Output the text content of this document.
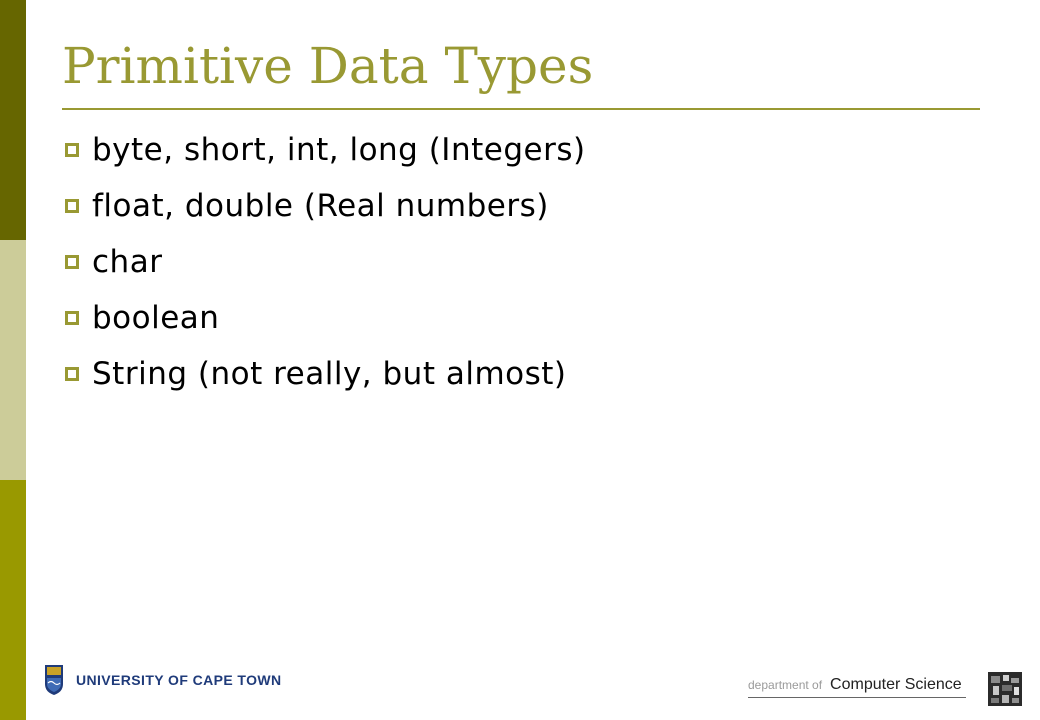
Primitive Data Types
byte, short, int, long (Integers)
float, double (Real numbers)
char
boolean
String (not really, but almost)
UNIVERSITY OF CAPE TOWN	department of Computer Science
